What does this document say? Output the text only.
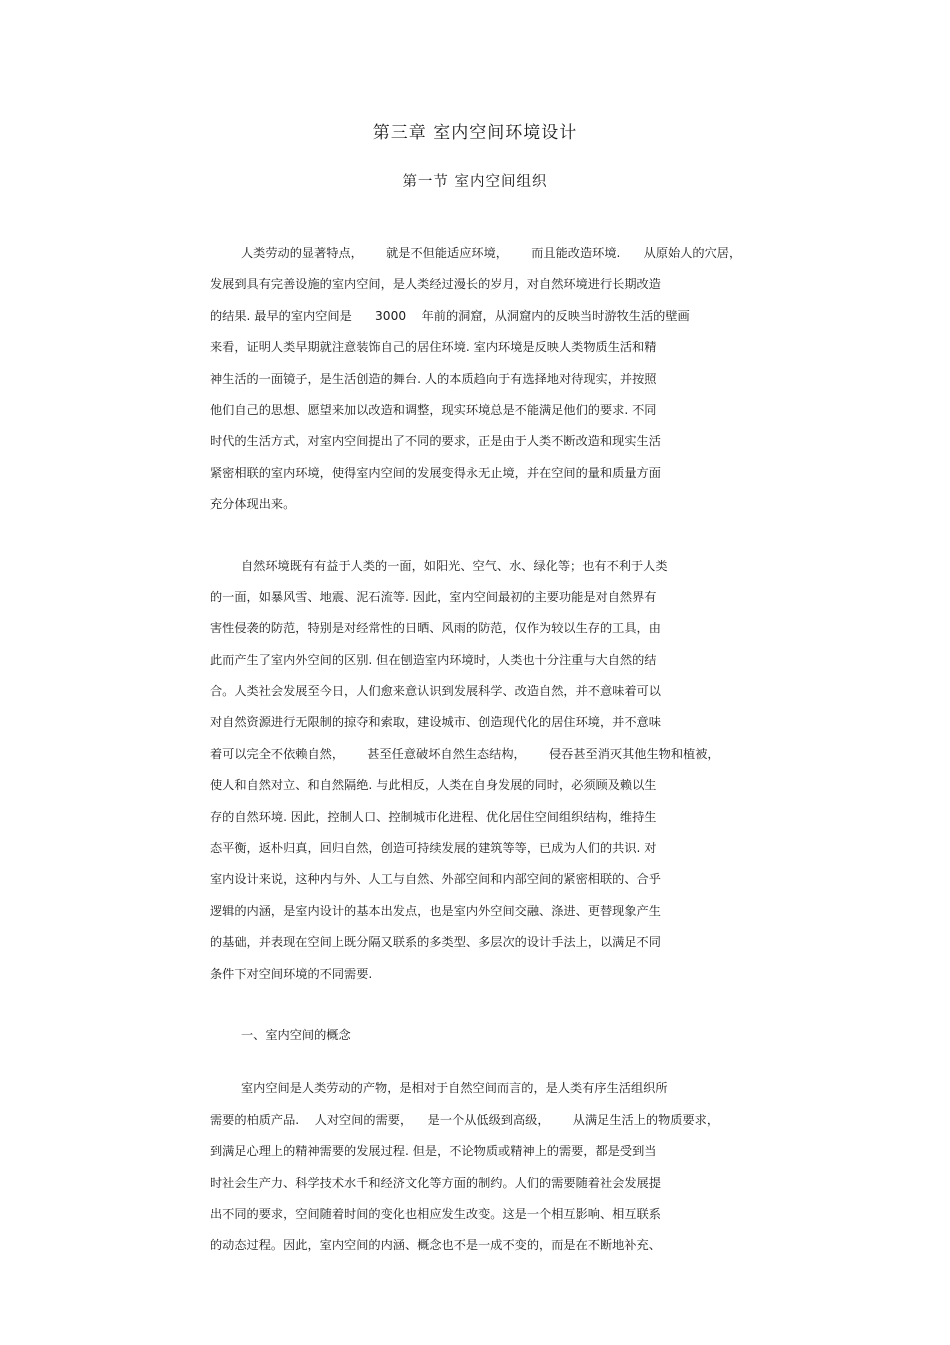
第三章 室内空间环境设计
第一节 室内空间组织
人类劳动的显著特点，      就是不但能适应环境，      而且能改造环境.      从原始人的穴居，
发展到具有完善设施的室内空间，是人类经过漫长的岁月，对自然环境进行长期改造
的结果. 最早的室内空间是      3000    年前的洞窟，从洞窟内的反映当时游牧生活的壁画
来看，证明人类早期就注意装饰自己的居住环境. 室内环境是反映人类物质生活和精
神生活的一面镜子，是生活创造的舞台. 人的本质趋向于有选择地对待现实，并按照
他们自己的思想、愿望来加以改造和调整，现实环境总是不能满足他们的要求. 不同
时代的生活方式，对室内空间提出了不同的要求，正是由于人类不断改造和现实生活
紧密相联的室内环境，使得室内空间的发展变得永无止境，并在空间的量和质量方面
充分体现出来。
自然环境既有有益于人类的一面，如阳光、空气、水、绿化等；也有不利于人类
的一面，如暴风雪、地震、泥石流等. 因此，室内空间最初的主要功能是对自然界有
害性侵袭的防范，特别是对经常性的日晒、风雨的防范，仅作为较以生存的工具，由
此而产生了室内外空间的区别. 但在刨造室内环境时，人类也十分注重与大自然的结
合。人类社会发展至今日，人们愈来意认识到发展科学、改造自然，并不意味着可以
对自然资源进行无限制的掠夺和索取，建设城市、创造现代化的居住环境，并不意味
着可以完全不依赖自然，      甚至任意破坏自然生态结构，      侵吞甚至消灭其他生物和植被，
使人和自然对立、和自然隔绝. 与此相反，人类在自身发展的同时，必须顾及赖以生
存的自然环境. 因此，控制人口、控制城市化进程、优化居住空间组织结构，维持生
态平衡，返朴归真，回归自然，创造可持续发展的建筑等等，已成为人们的共识. 对
室内设计来说，这种内与外、人工与自然、外部空间和内部空间的紧密相联的、合乎
逻辑的内涵，是室内设计的基本出发点，也是室内外空间交融、涤进、更替现象产生
的基础，并表现在空间上既分隔又联系的多类型、多层次的设计手法上，以满足不同
条件下对空间环境的不同需要.
一、室内空间的概念
室内空间是人类劳动的产物，是相对于自然空间而言的，是人类有序生活组织所
需要的柏质产品.    人对空间的需要，    是一个从低级到高级，      从满足生活上的物质要求，
到满足心理上的精神需要的发展过程. 但是，不论物质或精神上的需要，都是受到当
时社会生产力、科学技术水千和经济文化等方面的制约。人们的需要随着社会发展提
出不同的要求，空间随着时间的变化也相应发生改变。这是一个相互影响、相互联系
的动态过程。因此，室内空间的内涵、概念也不是一成不变的，而是在不断地补充、
